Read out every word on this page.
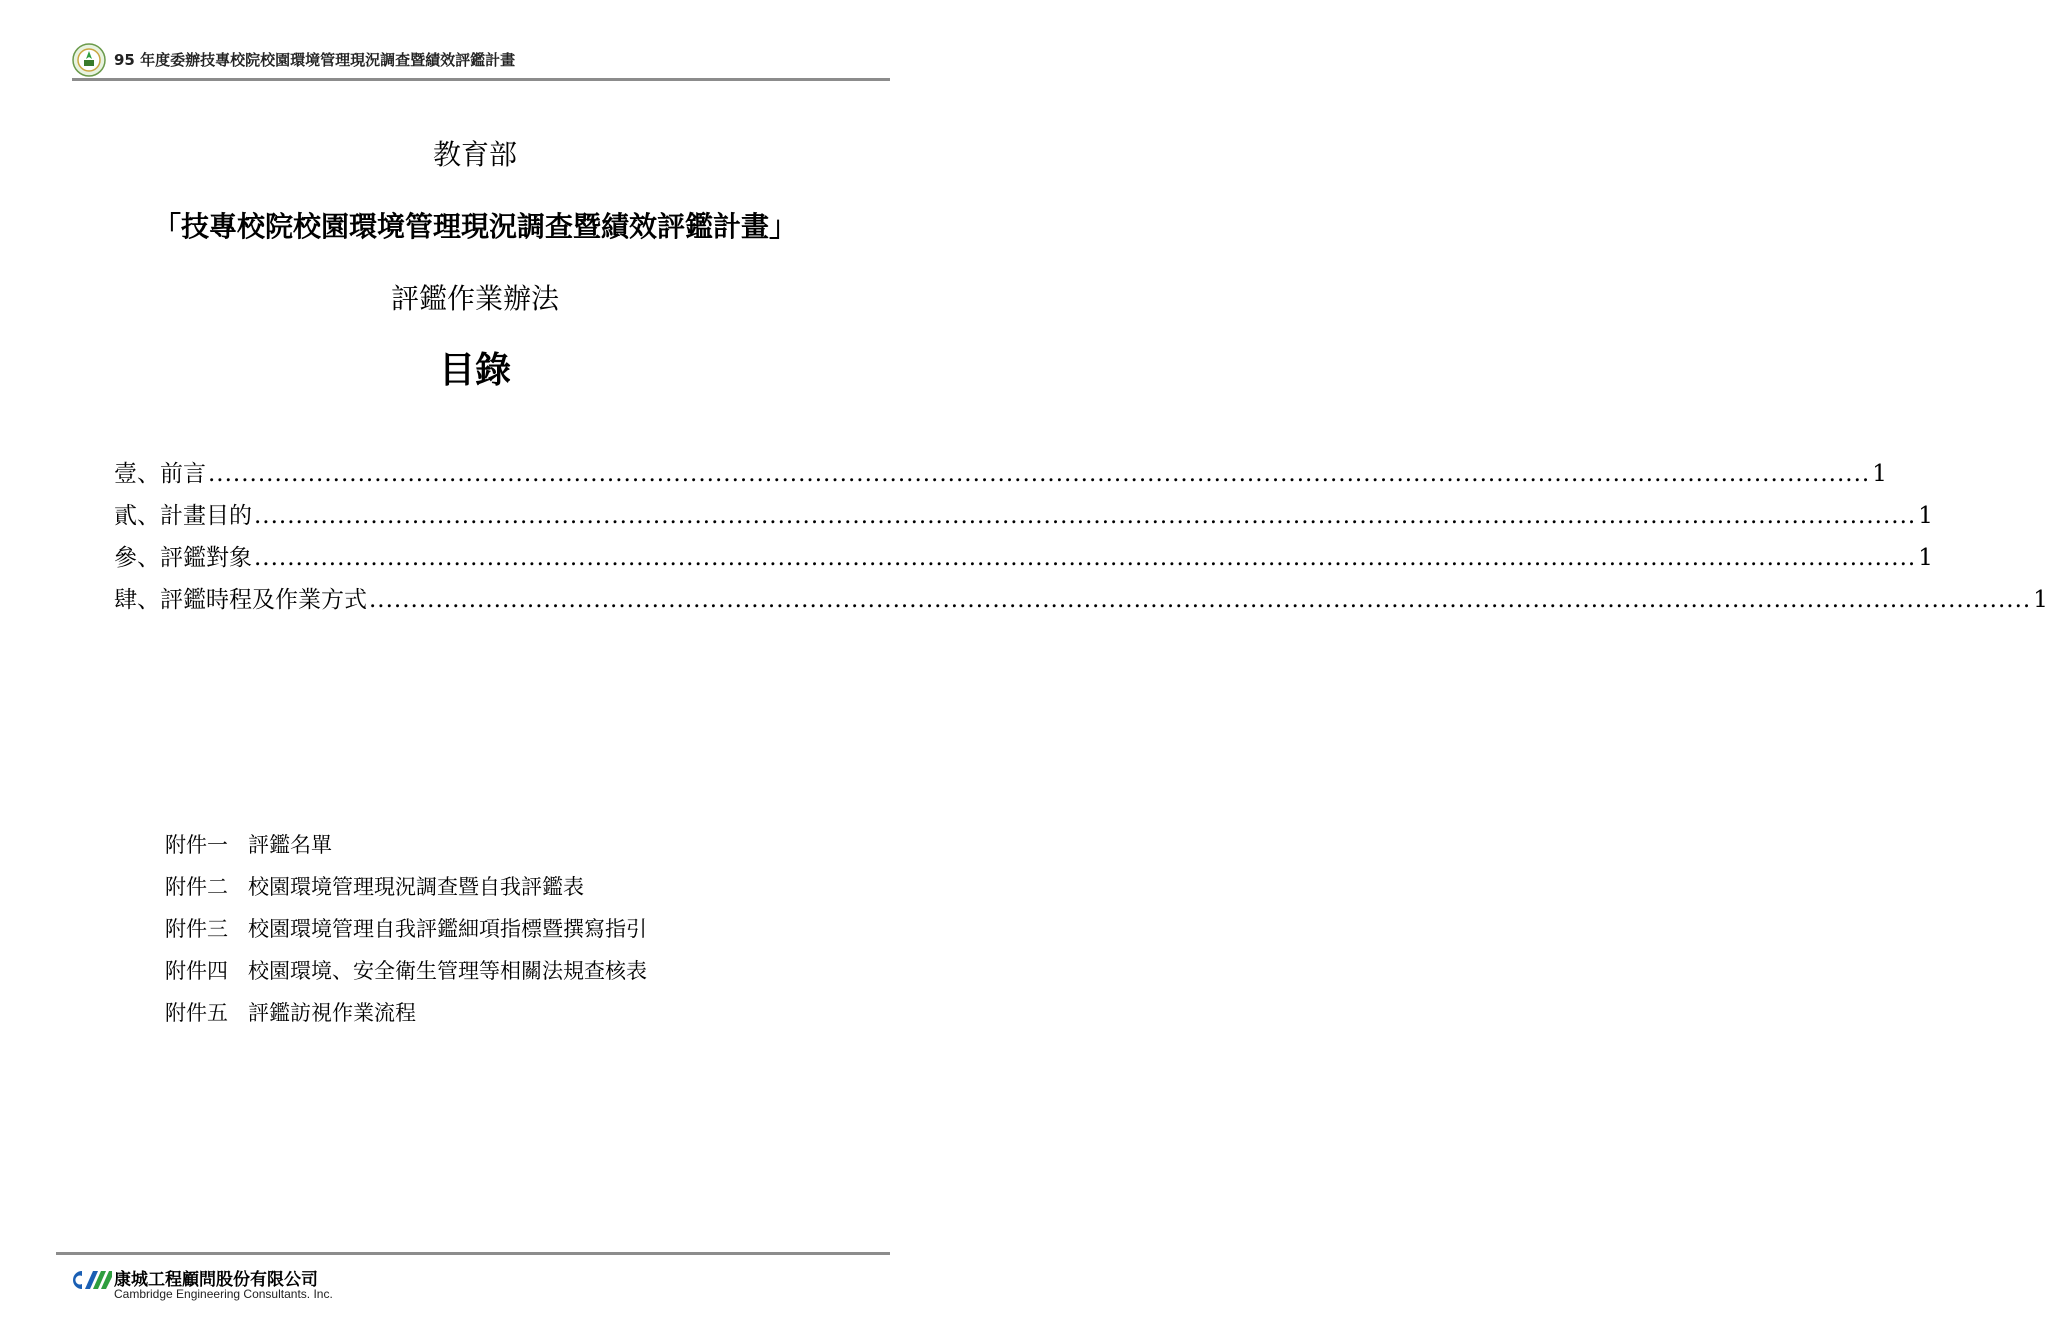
95 年度委辦技專校院校園環境管理現況調查暨績效評鑑計畫
教育部
「技專校院校園環境管理現況調查暨績效評鑑計畫」
評鑑作業辦法
目錄
壹、前言 ........................................................................................................................................................................................................ 1
貳、計畫目的 ........................................................................................................................................................................................................ 1
參、評鑑對象 ........................................................................................................................................................................................................ 1
肆、評鑑時程及作業方式 ........................................................................................................................................................................................................ 1
附件一 評鑑名單
附件二 校園環境管理現況調查暨自我評鑑表
附件三 校園環境管理自我評鑑細項指標暨撰寫指引
附件四 校園環境、安全衛生管理等相關法規查核表
附件五 評鑑訪視作業流程
康城工程顧問股份有限公司
Cambridge Engineering Consultants. Inc.
